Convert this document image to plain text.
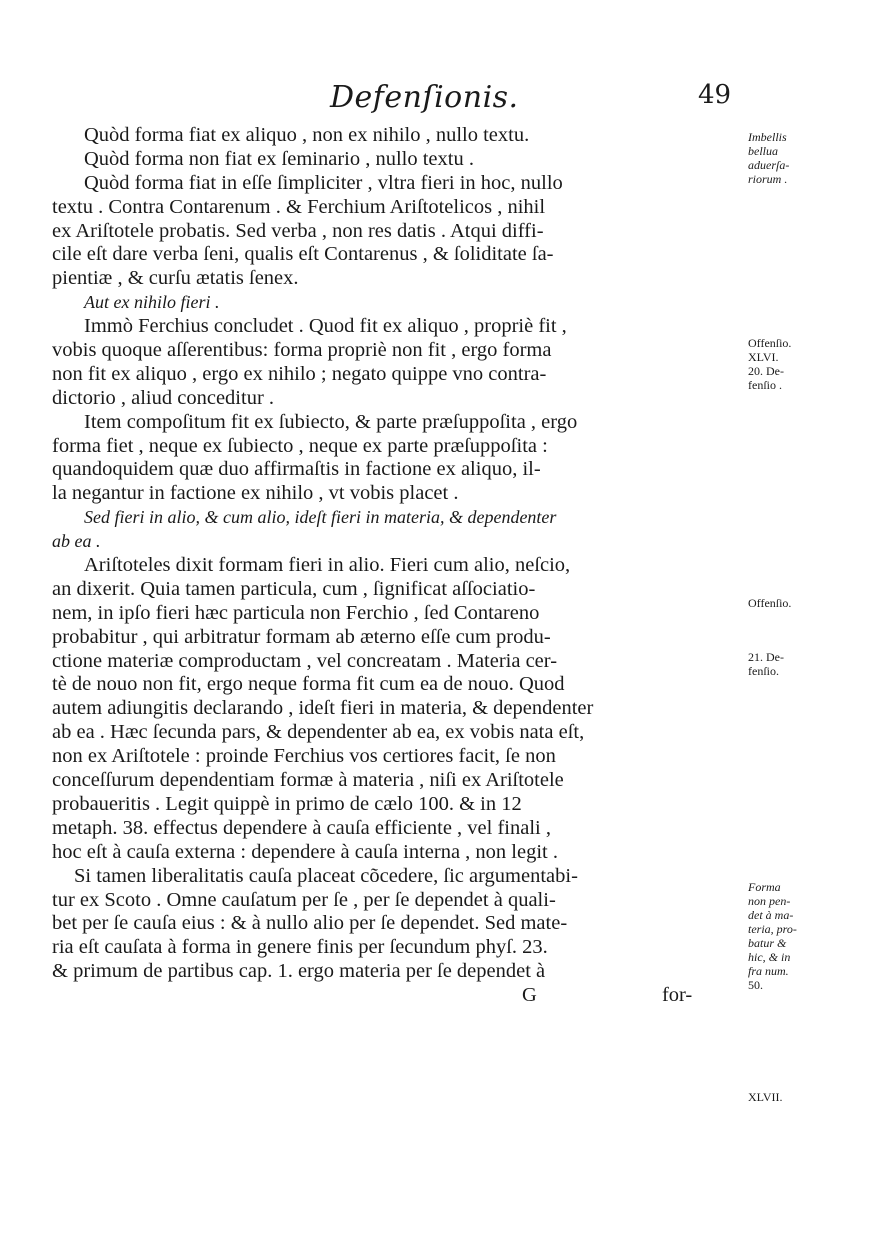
Defenſionis.	49
Quòd forma fiat ex aliquo , non ex nihilo , nullo textu.
Quòd forma non fiat ex ſeminario , nullo textu .
Quòd forma fiat in eſſe ſimpliciter , vltra fieri in hoc, nullo
textu . Contra Contarenum . & Ferchium Ariſtotelicos , nihil
ex Ariſtotele probatis. Sed verba , non res datis . Atqui diffi-
cile eſt dare verba ſeni, qualis eſt Contarenus , & ſoliditate ſa-
pientiæ , & curſu ætatis ſenex.
Aut ex nihilo fieri .
Immò Ferchius concludet . Quod fit ex aliquo , propriè fit ,
vobis quoque aſſerentibus: forma propriè non fit , ergo forma
non fit ex aliquo , ergo ex nihilo ; negato quippe vno contra-
dictorio , aliud conceditur .
Item compoſitum fit ex ſubiecto, & parte præſuppoſita , ergo
forma fiet , neque ex ſubiecto , neque ex parte præſuppoſita :
quandoquidem quæ duo affirmaſtis in factione ex aliquo, il-
la negantur in factione ex nihilo , vt vobis placet .
Sed fieri in alio, & cum alio, ideſt fieri in materia, & dependenter
ab ea .
Ariſtoteles dixit formam fieri in alio. Fieri cum alio, neſcio,
an dixerit. Quia tamen particula, cum , ſignificat aſſociatio-
nem, in ipſo fieri hæc particula non Ferchio , ſed Contareno
probabitur , qui arbitratur formam ab æterno eſſe cum produ-
ctione materiæ comproductam , vel concreatam . Materia cer-
tè de nouo non fit, ergo neque forma fit cum ea de nouo. Quod
autem adiungitis declarando , ideſt fieri in materia, & dependenter
ab ea . Hæc ſecunda pars, & dependenter ab ea, ex vobis nata eſt,
non ex Ariſtotele : proinde Ferchius vos certiores facit, ſe non
conceſſurum dependentiam formæ à materia , niſi ex Ariſtotele
probaueritis . Legit quippè in primo de cælo 100. & in 12
metaph. 38. effectus dependere à cauſa efficiente , vel finali ,
hoc eſt à cauſa externa : dependere à cauſa interna , non legit .
Si tamen liberalitatis cauſa placeat cõcedere, ſic argumentabi-
tur ex Scoto . Omne cauſatum per ſe , per ſe dependet à quali-
bet per ſe cauſa eius : & à nullo alio per ſe dependet. Sed mate-
ria eſt cauſata à forma in genere finis per ſecundum phyſ. 23.
& primum de partibus cap. 1. ergo materia per ſe dependet à
G	for-
Imbellis
bellua
aduerſa-
riorum .
Offenſio.
XLVI.
20. De-
fenſio .
Offenſio.
21. De-
fenſio.
Forma
non pen-
det à ma-
teria, pro-
batur &
hic, & in
fra num.
50.
XLVII.
